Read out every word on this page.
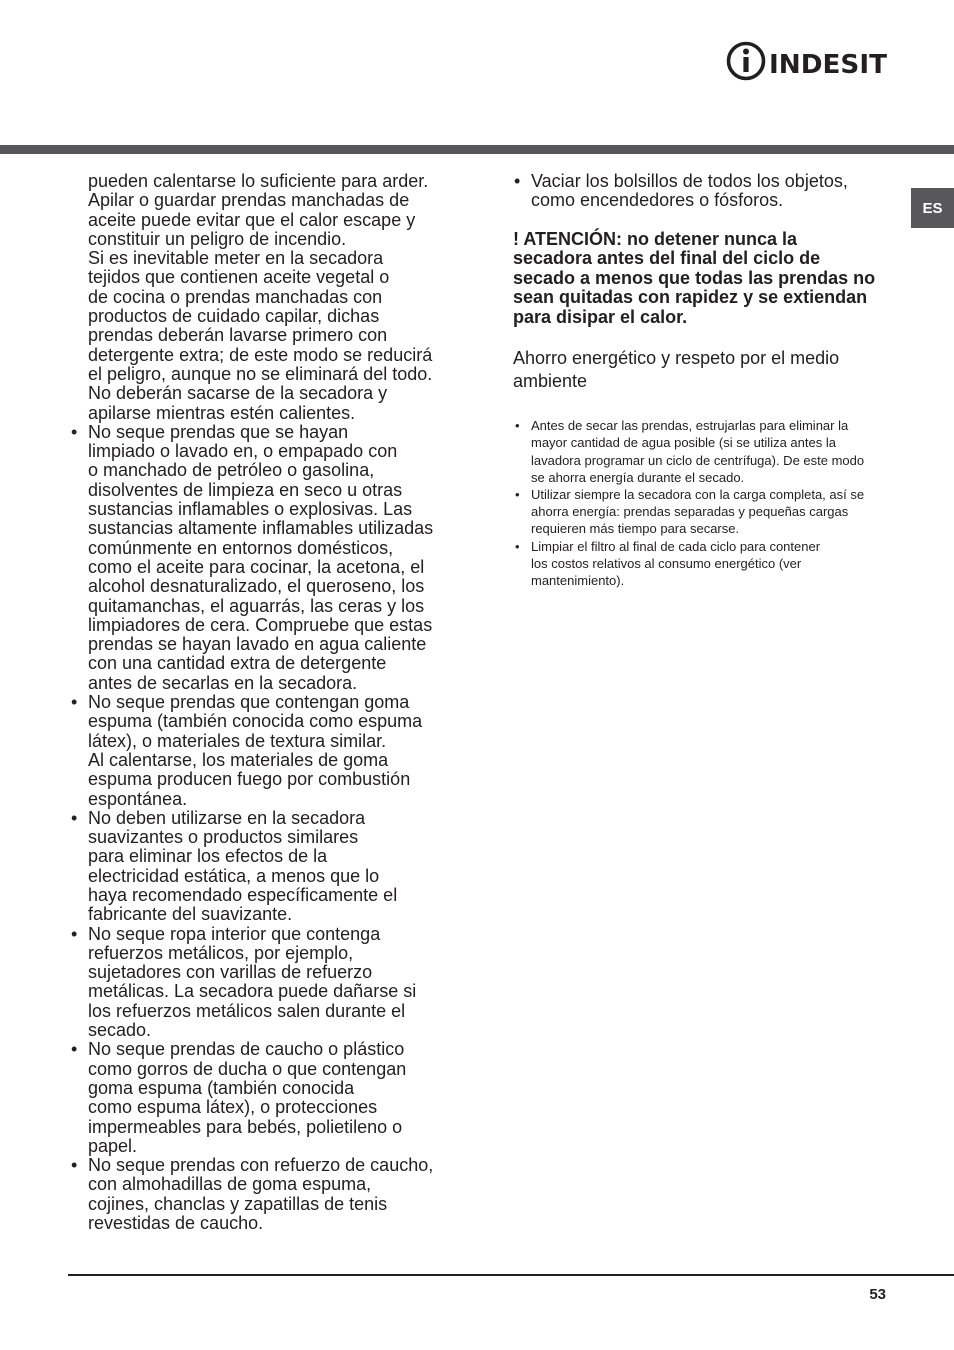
INDESIT
ES

pueden calentarse lo suficiente para arder.
Apilar o guardar prendas manchadas de
aceite puede evitar que el calor escape y
constituir un peligro de incendio.
Si es inevitable meter en la secadora
tejidos que contienen aceite vegetal o
de cocina o prendas manchadas con
productos de cuidado capilar, dichas
prendas deberán lavarse primero con
detergente extra; de este modo se reducirá
el peligro, aunque no se eliminará del todo.
No deberán sacarse de la secadora y
apilarse mientras estén calientes.

• No seque prendas que se hayan
limpiado o lavado en, o empapado con
o manchado de petróleo o gasolina,
disolventes de limpieza en seco u otras
sustancias inflamables o explosivas. Las
sustancias altamente inflamables utilizadas
comúnmente en entornos domésticos,
como el aceite para cocinar, la acetona, el
alcohol desnaturalizado, el queroseno, los
quitamanchas, el aguarrás, las ceras y los
limpiadores de cera. Compruebe que estas
prendas se hayan lavado en agua caliente
con una cantidad extra de detergente
antes de secarlas en la secadora.
• No seque prendas que contengan goma
espuma (también conocida como espuma
látex), o materiales de textura similar.
Al calentarse, los materiales de goma
espuma producen fuego por combustión
espontánea.
• No deben utilizarse en la secadora
suavizantes o productos similares
para eliminar los efectos de la
electricidad estática, a menos que lo
haya recomendado específicamente el
fabricante del suavizante.
• No seque ropa interior que contenga
refuerzos metálicos, por ejemplo,
sujetadores con varillas de refuerzo
metálicas. La secadora puede dañarse si
los refuerzos metálicos salen durante el
secado.
• No seque prendas de caucho o plástico
como gorros de ducha o que contengan
goma espuma (también conocida
como espuma látex), o protecciones
impermeables para bebés, polietileno o
papel.
• No seque prendas con refuerzo de caucho,
con almohadillas de goma espuma,
cojines, chanclas y zapatillas de tenis
revestidas de caucho.
• Vaciar los bolsillos de todos los objetos,
como encendedores o fósforos.

! ATENCIÓN: no detener nunca la
secadora antes del final del ciclo de
secado a menos que todas las prendas no
sean quitadas con rapidez y se extiendan
para disipar el calor.

Ahorro energético y respeto por el medio
ambiente
• Antes de secar las prendas, estrujarlas para eliminar la
mayor cantidad de agua posible (si se utiliza antes la
lavadora programar un ciclo de centrífuga). De este modo
se ahorra energía durante el secado.
• Utilizar siempre la secadora con la carga completa, así se
ahorra energía: prendas separadas y pequeñas cargas
requieren más tiempo para secarse.
• Limpiar el filtro al final de cada ciclo para contener
los costos relativos al consumo energético (ver
mantenimiento).
53
